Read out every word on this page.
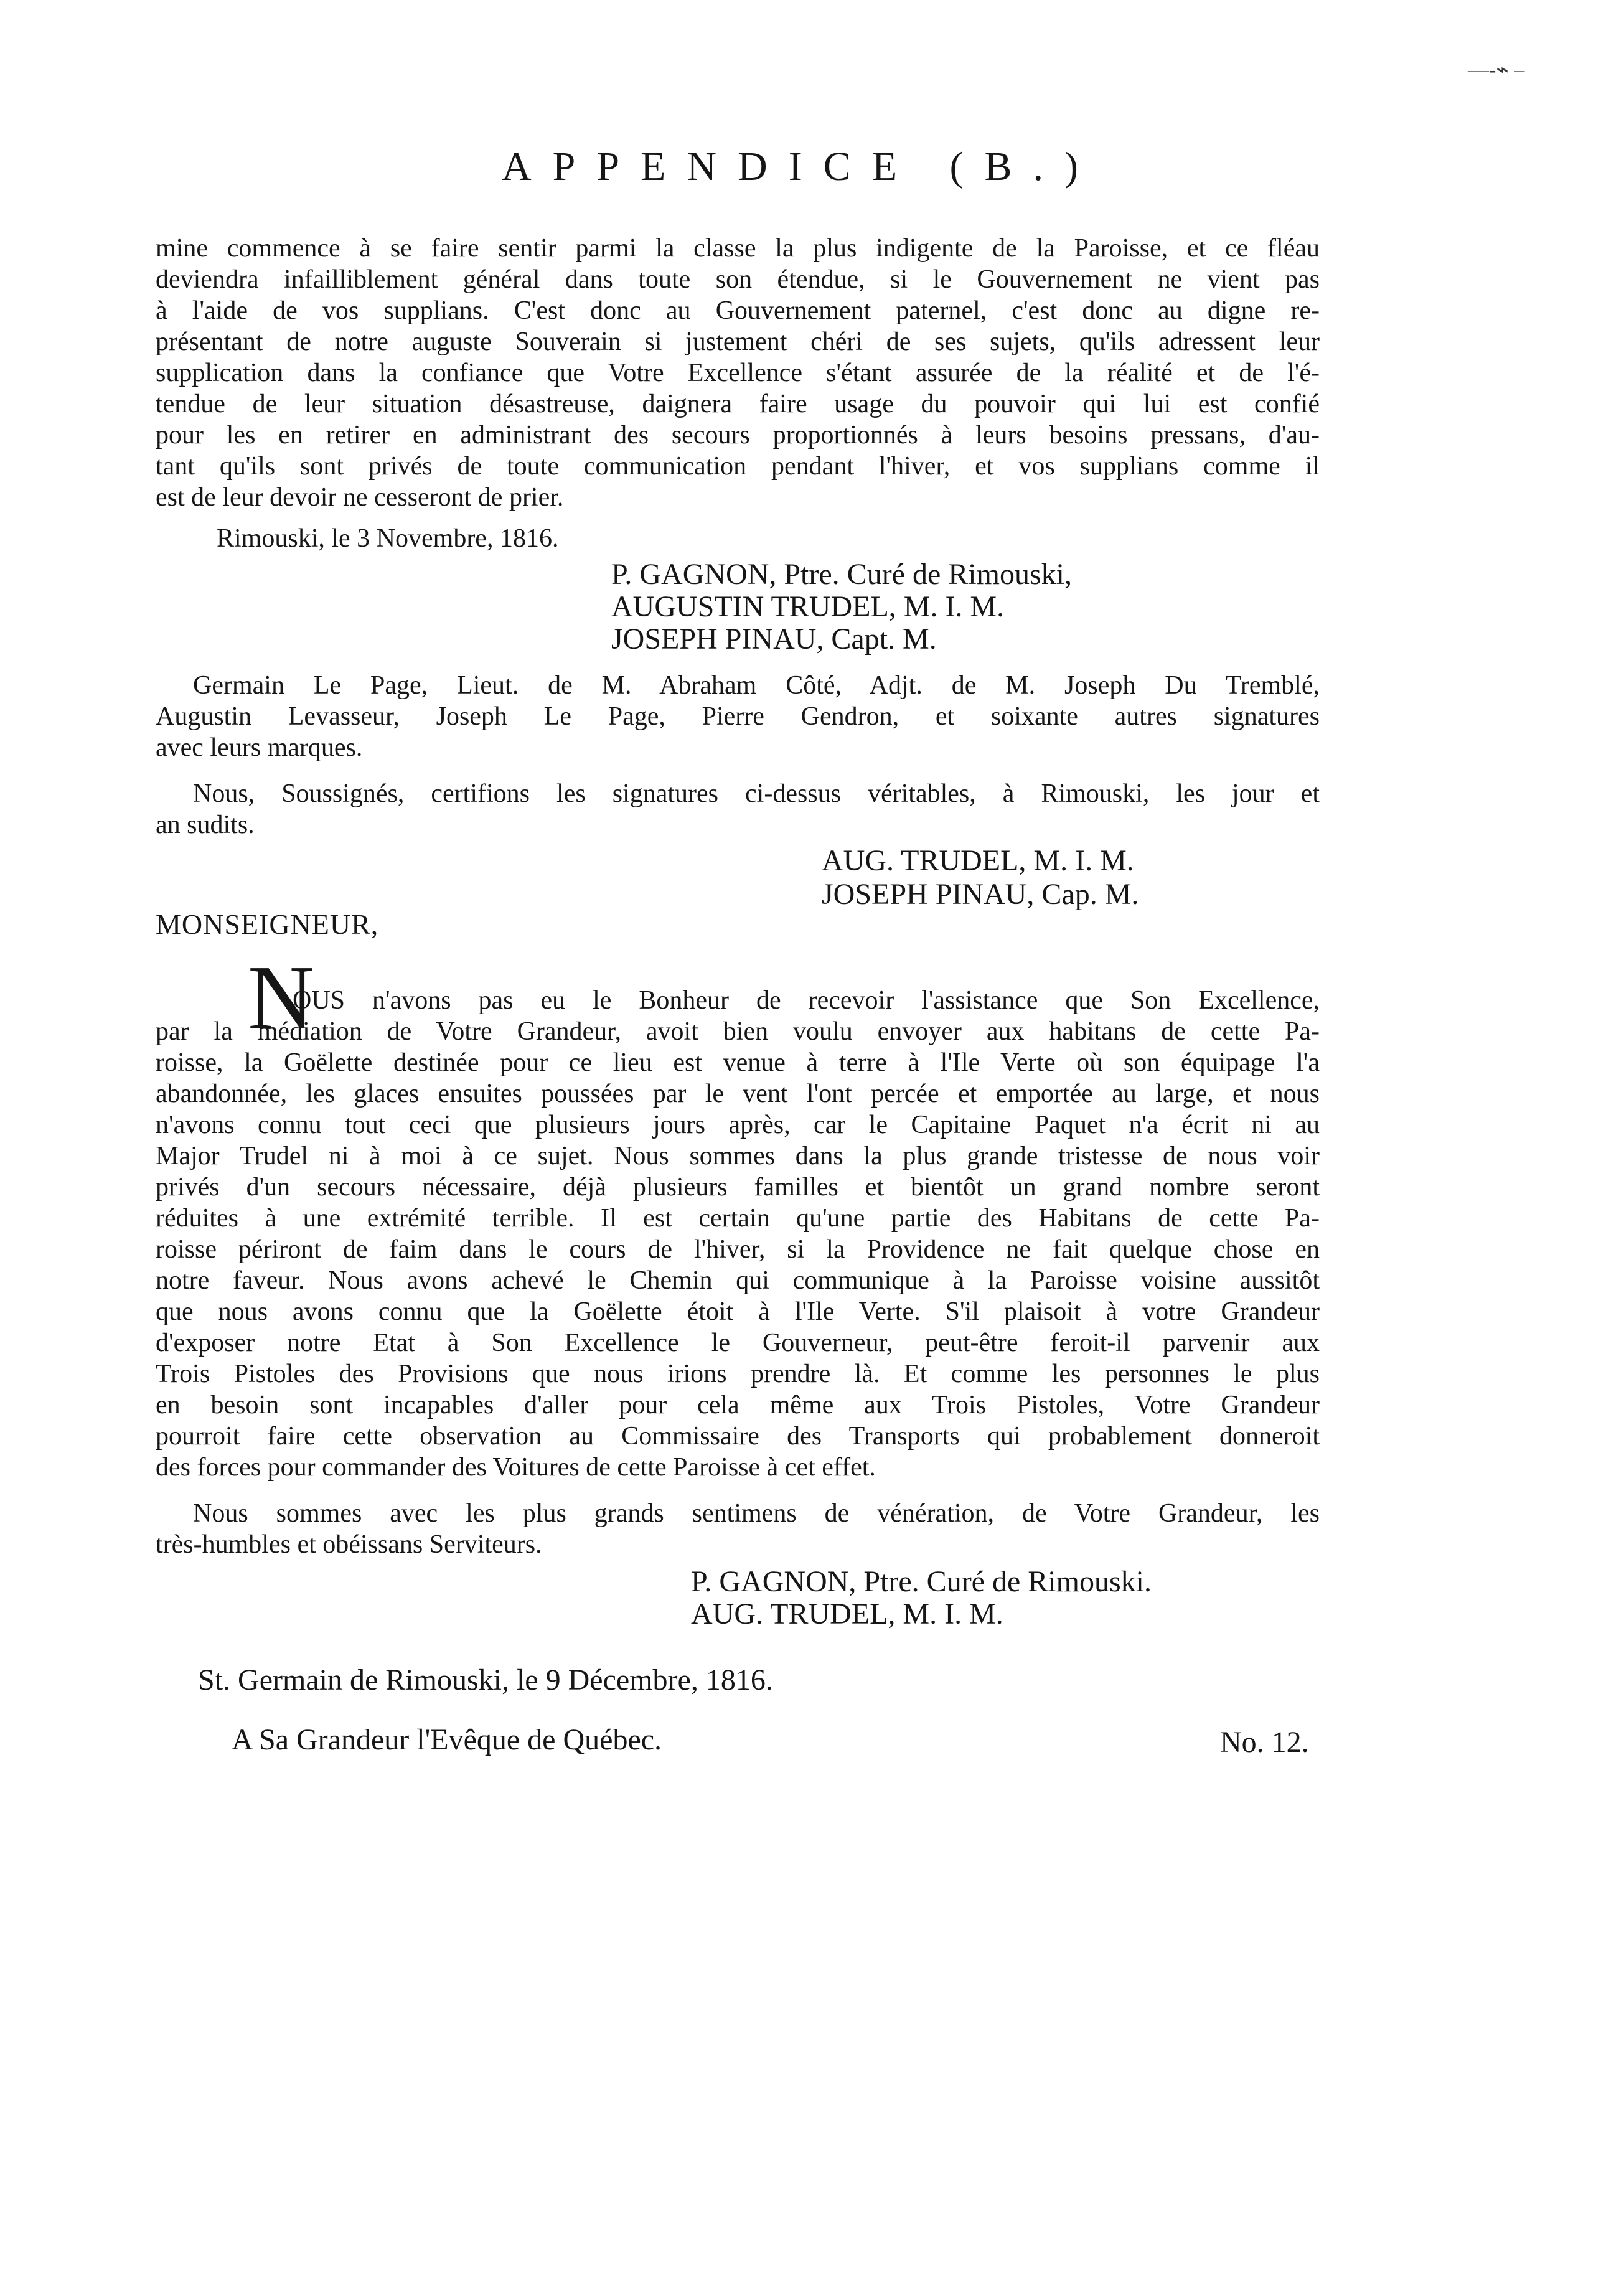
—-⌁ –
APPENDICE (B.)
mine commence à se faire sentir parmi la classe la plus indigente de la Paroisse, et ce fléau
deviendra infailliblement général dans toute son étendue, si le Gouvernement ne vient pas
à l'aide de vos supplians. C'est donc au Gouvernement paternel, c'est donc au digne re-
présentant de notre auguste Souverain si justement chéri de ses sujets, qu'ils adressent leur
supplication dans la confiance que Votre Excellence s'étant assurée de la réalité et de l'é-
tendue de leur situation désastreuse, daignera faire usage du pouvoir qui lui est confié
pour les en retirer en administrant des secours proportionnés à leurs besoins pressans, d'au-
tant qu'ils sont privés de toute communication pendant l'hiver, et vos supplians comme il
est de leur devoir ne cesseront de prier.
Rimouski, le 3 Novembre, 1816.
P. GAGNON, Ptre. Curé de Rimouski,
AUGUSTIN TRUDEL, M. I. M.
JOSEPH PINAU, Capt. M.
Germain Le Page, Lieut. de M. Abraham Côté, Adjt. de M. Joseph Du Tremblé,
Augustin Levasseur, Joseph Le Page, Pierre Gendron, et soixante autres signatures
avec leurs marques.
Nous, Soussignés, certifions les signatures ci-dessus véritables, à Rimouski, les jour et
an sudits.
AUG. TRUDEL, M. I. M.
JOSEPH PINAU, Cap. M.
MONSEIGNEUR,
N
OUS n'avons pas eu le Bonheur de recevoir l'assistance que Son Excellence,
par la médiation de Votre Grandeur, avoit bien voulu envoyer aux habitans de cette Pa-
roisse, la Goëlette destinée pour ce lieu est venue à terre à l'Ile Verte où son équipage l'a
abandonnée, les glaces ensuites poussées par le vent l'ont percée et emportée au large, et nous
n'avons connu tout ceci que plusieurs jours après, car le Capitaine Paquet n'a écrit ni au
Major Trudel ni à moi à ce sujet. Nous sommes dans la plus grande tristesse de nous voir
privés d'un secours nécessaire, déjà plusieurs familles et bientôt un grand nombre seront
réduites à une extrémité terrible. Il est certain qu'une partie des Habitans de cette Pa-
roisse périront de faim dans le cours de l'hiver, si la Providence ne fait quelque chose en
notre faveur. Nous avons achevé le Chemin qui communique à la Paroisse voisine aussitôt
que nous avons connu que la Goëlette étoit à l'Ile Verte. S'il plaisoit à votre Grandeur
d'exposer notre Etat à Son Excellence le Gouverneur, peut-être feroit-il parvenir aux
Trois Pistoles des Provisions que nous irions prendre là. Et comme les personnes le plus
en besoin sont incapables d'aller pour cela même aux Trois Pistoles, Votre Grandeur
pourroit faire cette observation au Commissaire des Transports qui probablement donneroit
des forces pour commander des Voitures de cette Paroisse à cet effet.
Nous sommes avec les plus grands sentimens de vénération, de Votre Grandeur, les
très-humbles et obéissans Serviteurs.
P. GAGNON, Ptre. Curé de Rimouski.
AUG. TRUDEL, M. I. M.
St. Germain de Rimouski, le 9 Décembre, 1816.
A Sa Grandeur l'Evêque de Québec.	No. 12.
